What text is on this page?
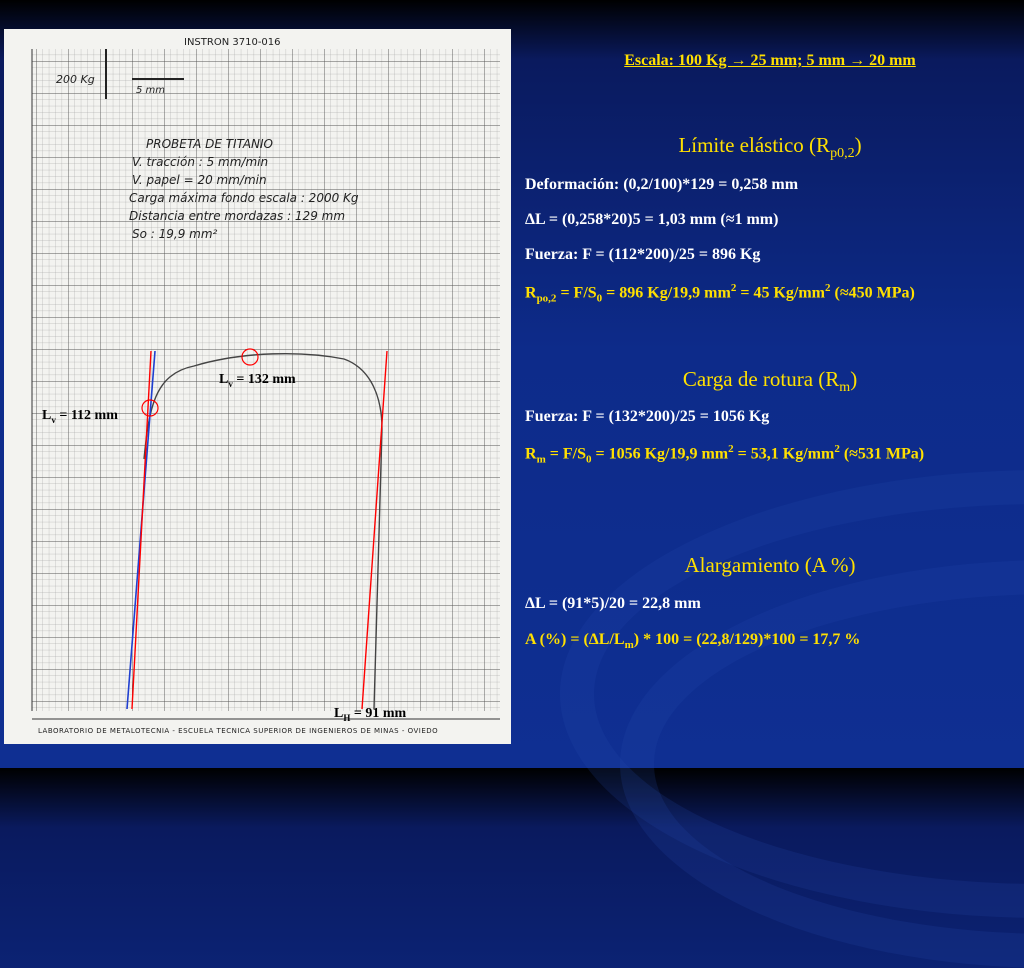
INSTRON 3710-016
200 Kg
5 mm
PROBETA DE TITANIO
V. tracción : 5 mm/min
V. papel = 20 mm/min
Carga máxima fondo escala : 2000 Kg
Distancia entre mordazas : 129 mm
So : 19,9 mm²
$L_v = 132$ mm
$L_v = 112$ mm
$L_H = 91$ mm
LABORATORIO DE METALOTECNIA - ESCUELA TECNICA SUPERIOR DE INGENIEROS DE MINAS - OVIEDO
Escala: 100 Kg → 25 mm; 5 mm → 20 mm
Límite elástico $(R_{p0,2})$
Deformación: (0,2/100)*129 = 0,258 mm
ΔL = (0,258*20)5 = 1,03 mm (≈1 mm)
Fuerza: F = (112*200)/25 = 896 Kg
$R_{po,2} = F/S_0 = 896$ Kg/19,9 $mm^2 = 45$ $Kg/mm^2$ (≈450 MPa)
Carga de rotura $(R_m)$
Fuerza: F = (132*200)/25 = 1056 Kg
$R_m = F/S_0 = 1056$ Kg/19,9 $mm^2 = 53,1$ $Kg/mm^2$ (≈531 MPa)
Alargamiento (A %)
ΔL = (91*5)/20 = 22,8 mm
A (%) = $(\Delta L/L_m) * 100 = (22,8/129)*100 = 17,7$ %
